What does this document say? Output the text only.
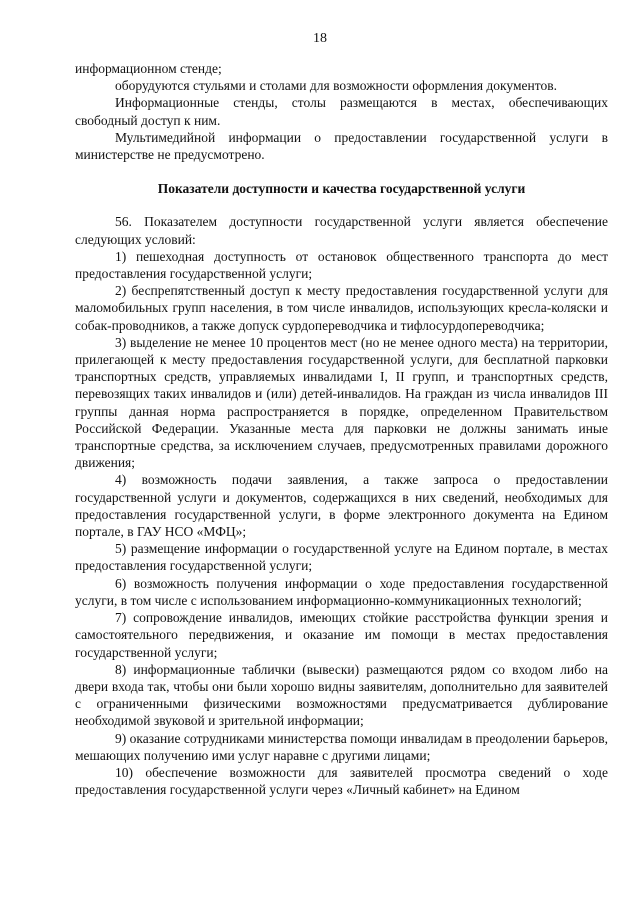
18

информационном стенде;

оборудуются стульями и столами для возможности оформления документов.

Информационные стенды, столы размещаются в местах, обеспечивающих свободный доступ к ним.

Мультимедийной информации о предоставлении государственной услуги в министерстве не предусмотрено.

Показатели доступности и качества государственной услуги

56. Показателем доступности государственной услуги является обеспечение следующих условий:

1) пешеходная доступность от остановок общественного транспорта до мест предоставления государственной услуги;

2) беспрепятственный доступ к месту предоставления государственной услуги для маломобильных групп населения, в том числе инвалидов, использующих кресла-коляски и собак-проводников, а также допуск сурдопереводчика и тифлосурдопереводчика;

3) выделение не менее 10 процентов мест (но не менее одного места) на территории, прилегающей к месту предоставления государственной услуги, для бесплатной парковки транспортных средств, управляемых инвалидами I, II групп, и транспортных средств, перевозящих таких инвалидов и (или) детей-инвалидов. На граждан из числа инвалидов III группы данная норма распространяется в порядке, определенном Правительством Российской Федерации. Указанные места для парковки не должны занимать иные транспортные средства, за исключением случаев, предусмотренных правилами дорожного движения;

4) возможность подачи заявления, а также запроса о предоставлении государственной услуги и документов, содержащихся в них сведений, необходимых для предоставления государственной услуги, в форме электронного документа на Едином портале, в ГАУ НСО «МФЦ»;

5) размещение информации о государственной услуге на Едином портале, в местах предоставления государственной услуги;

6) возможность получения информации о ходе предоставления государственной услуги, в том числе с использованием информационно-коммуникационных технологий;

7) сопровождение инвалидов, имеющих стойкие расстройства функции зрения и самостоятельного передвижения, и оказание им помощи в местах предоставления государственной услуги;

8) информационные таблички (вывески) размещаются рядом со входом либо на двери входа так, чтобы они были хорошо видны заявителям, дополнительно для заявителей с ограниченными физическими возможностями предусматривается дублирование необходимой звуковой и зрительной информации;

9) оказание сотрудниками министерства помощи инвалидам в преодолении барьеров, мешающих получению ими услуг наравне с другими лицами;

10) обеспечение возможности для заявителей просмотра сведений о ходе предоставления государственной услуги через «Личный кабинет» на Едином
